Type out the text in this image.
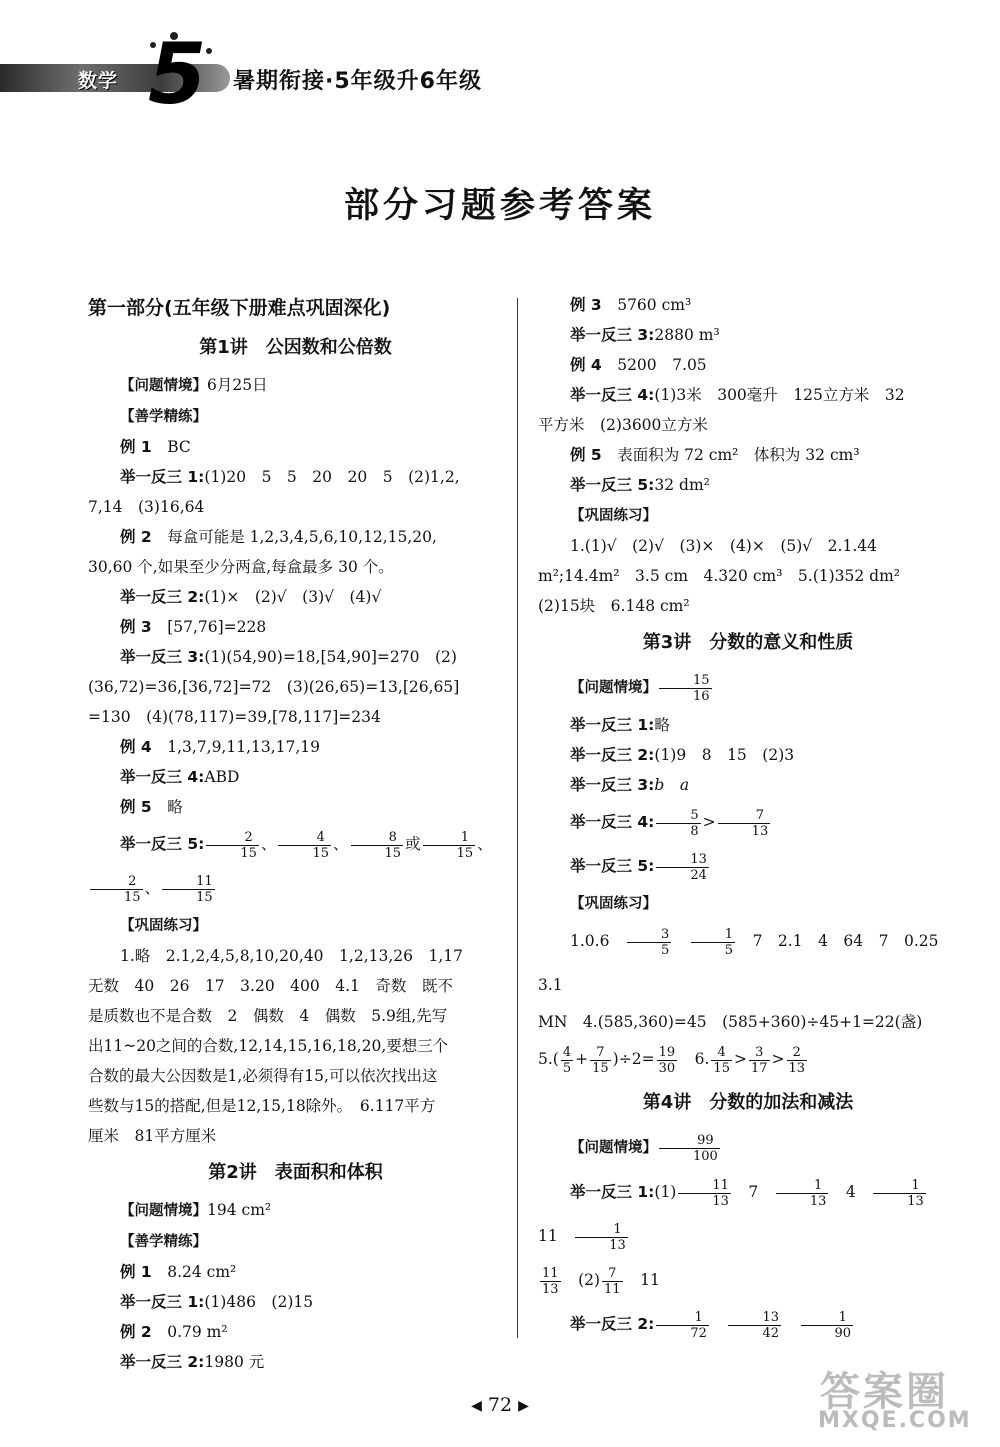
数学 5 暑期衔接·5年级升6年级
部分习题参考答案

第一部分(五年级下册难点巩固深化)

第1讲　公因数和公倍数

【问题情境】6月25日

【善学精练】

例 1　 BC

举一反三 1:(1)20　5　5　20　20　5　(2)1,2,

7,14　(3)16,64

例 2　 每盒可能是 1,2,3,4,5,6,10,12,15,20,

30,60 个,如果至少分两盒,每盒最多 30 个。

举一反三 2:(1)×　(2)√　(3)√　(4)√

例 3　 [57,76]=228

举一反三 3:(1)(54,90)=18,[54,90]=270　(2)

(36,72)=36,[36,72]=72　(3)(26,65)=13,[26,65]

=130　(4)(78,117)=39,[78,117]=234

例 4　 1,3,7,9,11,13,17,19

举一反三 4:ABD

例 5　 略

举一反三 5: $\frac{2}{15}$ 、 $\frac{4}{15}$ 、 $\frac{8}{15}$ 或 $\frac{1}{15}$ 、
$\frac{2}{15}$ 、 $\frac{11}{15}$

【巩固练习】

1.略　2.1,2,4,5,8,10,20,40　1,2,13,26　1,17

无数　40　26　17　3.20　400　4.1　奇数　既不

是质数也不是合数　2　偶数　4　偶数　5.9组,先写

出11~20之间的合数,12,14,15,16,18,20,要想三个

合数的最大公因数是1,必须得有15,可以依次找出这

些数与15的搭配,但是12,15,18除外。　6.117平方

厘米　81平方厘米

第2讲　表面积和体积

【问题情境】194 cm²

【善学精练】

例 1　 8.24 cm²

举一反三 1:(1)486　(2)15

例 2　 0.79 m²

举一反三 2:1980 元

例 3　 5760 cm³

举一反三 3:2880 m³

例 4　 5200　7.05

举一反三 4:(1)3米　300毫升　125立方米　32

平方米　(2)3600立方米

例 5　 表面积为 72 cm²　体积为 32 cm³

举一反三 5:32 dm²

【巩固练习】

1.(1)√　(2)√　(3)×　(4)×　(5)√　2.1.44

m²;14.4m²　3.5 cm　4.320 cm³　5.(1)352 dm²

(2)15块　6.148 cm²

第3讲　分数的意义和性质

【问题情境】 $\frac{15}{16}$

举一反三 1:略

举一反三 2:(1)9　8　15　(2)3

举一反三 3:b　a

举一反三 4: $\frac{5}{8} > \frac{7}{13}$

举一反三 5: $\frac{13}{24}$

【巩固练习】

1.0.6　 $\frac{3}{5}$
　 $\frac{1}{5}$
　 7　2.1　4　64　7　0.25　3.1

MN　4.(585,360)=45　(585+360)÷45+1=22(盏)

$5.( \frac{4}{5} + \frac{7}{15} )\div 2= \frac{19}{30}$
　 6. $\frac{4}{15} > \frac{3}{17} > \frac{2}{13}$

第4讲　分数的加法和减法

【问题情境】 $\frac{99}{100}$

举一反三 1:(1) $\frac{11}{13}$
　 7　 $\frac{1}{13}$
　 4　 $\frac{1}{13}$
　11　 $\frac{1}{13}$

$\frac{11}{13}$
　 $(2) \frac{7}{11}$
　 11

举一反三 2: $\frac{1}{72}$
　 $\frac{13}{42}$
　 $\frac{1}{90}$

◀ 72 ▶	答案圈
MXQE.COM
